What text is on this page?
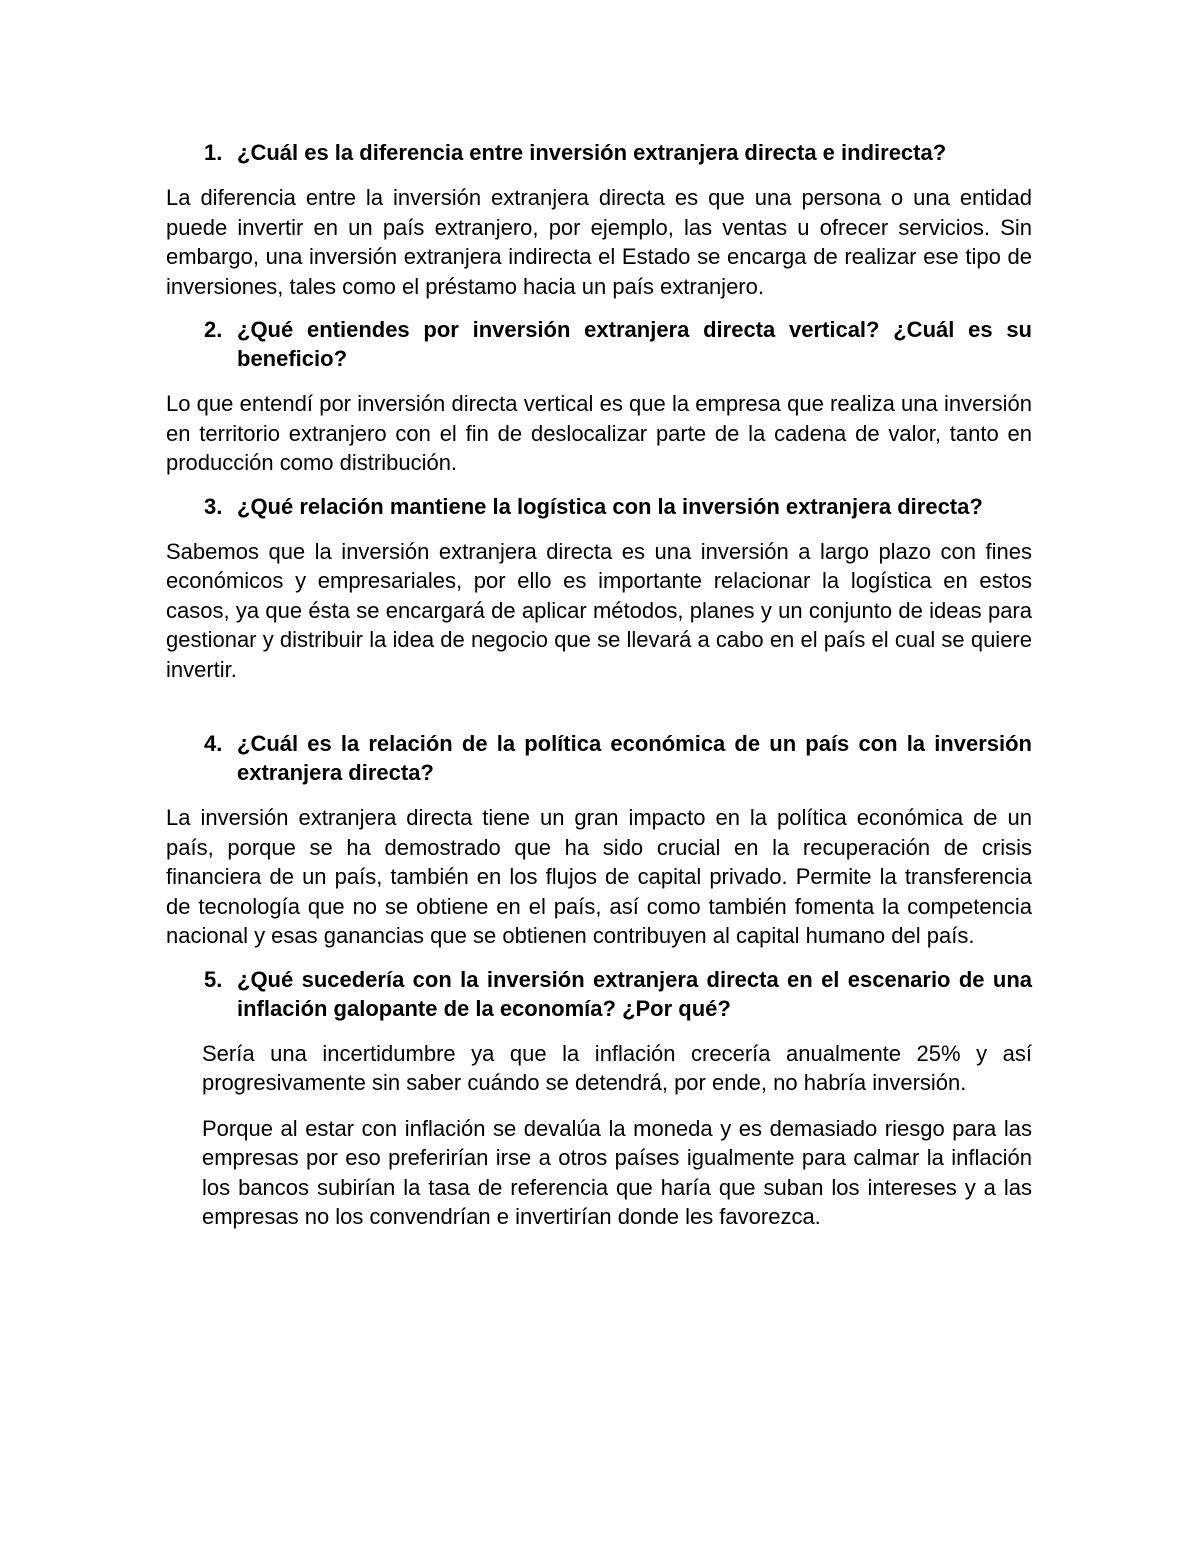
1. ¿Cuál es la diferencia entre inversión extranjera directa e indirecta?

La diferencia entre la inversión extranjera directa es que una persona o una entidad puede invertir en un país extranjero, por ejemplo, las ventas u ofrecer servicios. Sin embargo, una inversión extranjera indirecta el Estado se encarga de realizar ese tipo de inversiones, tales como el préstamo hacia un país extranjero.

2. ¿Qué entiendes por inversión extranjera directa vertical? ¿Cuál es su beneficio?

Lo que entendí por inversión directa vertical es que la empresa que realiza una inversión en territorio extranjero con el fin de deslocalizar parte de la cadena de valor, tanto en producción como distribución.

3. ¿Qué relación mantiene la logística con la inversión extranjera directa?

Sabemos que la inversión extranjera directa es una inversión a largo plazo con fines económicos y empresariales, por ello es importante relacionar la logística en estos casos, ya que ésta se encargará de aplicar métodos, planes y un conjunto de ideas para gestionar y distribuir la idea de negocio que se llevará a cabo en el país el cual se quiere invertir.

4. ¿Cuál es la relación de la política económica de un país con la inversión extranjera directa?

La inversión extranjera directa tiene un gran impacto en la política económica de un país, porque se ha demostrado que ha sido crucial en la recuperación de crisis financiera de un país, también en los flujos de capital privado. Permite la transferencia de tecnología que no se obtiene en el país, así como también fomenta la competencia nacional y esas ganancias que se obtienen contribuyen al capital humano del país.

5. ¿Qué sucedería con la inversión extranjera directa en el escenario de una inflación galopante de la economía? ¿Por qué?

Sería una incertidumbre ya que la inflación crecería anualmente 25% y así progresivamente sin saber cuándo se detendrá, por ende, no habría inversión.

Porque al estar con inflación se devalúa la moneda y es demasiado riesgo para las empresas por eso preferirían irse a otros países igualmente para calmar la inflación los bancos subirían la tasa de referencia que haría que suban los intereses y a las empresas no los convendrían e invertirían donde les favorezca.
